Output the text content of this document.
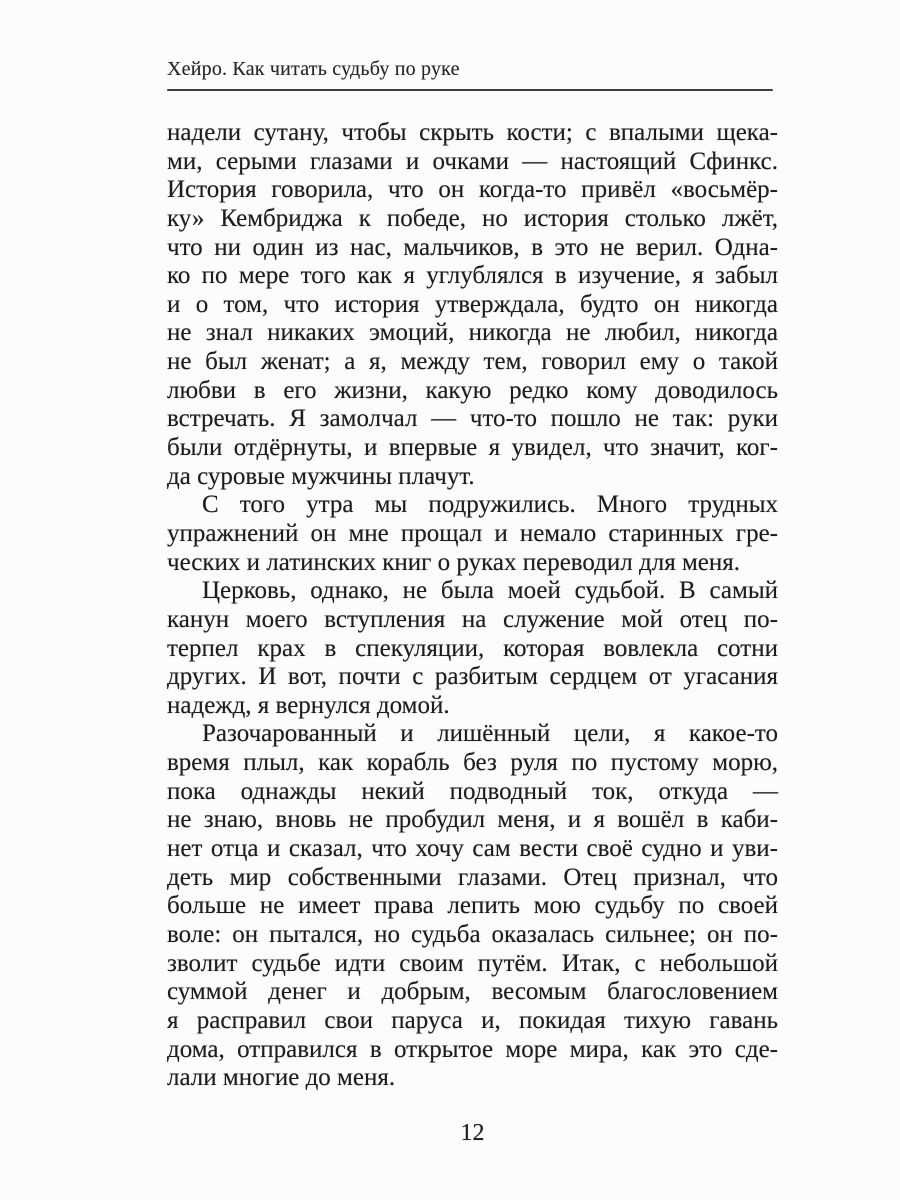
Хейро. Как читать судьбу по руке
надели сутану, чтобы скрыть кости; с впалыми щека-
ми, серыми глазами и очками — настоящий Сфинкс.
История говорила, что он когда-то привёл «восьмёр-
ку» Кембриджа к победе, но история столько лжёт,
что ни один из нас, мальчиков, в это не верил. Одна-
ко по мере того как я углублялся в изучение, я забыл
и о том, что история утверждала, будто он никогда
не знал никаких эмоций, никогда не любил, никогда
не был женат; а я, между тем, говорил ему о такой
любви в его жизни, какую редко кому доводилось
встречать. Я замолчал — что-то пошло не так: руки
были отдёрнуты, и впервые я увидел, что значит, ког-
да суровые мужчины плачут.
С того утра мы подружились. Много трудных
упражнений он мне прощал и немало старинных гре-
ческих и латинских книг о руках переводил для меня.
Церковь, однако, не была моей судьбой. В самый
канун моего вступления на служение мой отец по-
терпел крах в спекуляции, которая вовлекла сотни
других. И вот, почти с разбитым сердцем от угасания
надежд, я вернулся домой.
Разочарованный и лишённый цели, я какое-то
время плыл, как корабль без руля по пустому морю,
пока однажды некий подводный ток, откуда —
не знаю, вновь не пробудил меня, и я вошёл в каби-
нет отца и сказал, что хочу сам вести своё судно и уви-
деть мир собственными глазами. Отец признал, что
больше не имеет права лепить мою судьбу по своей
воле: он пытался, но судьба оказалась сильнее; он по-
зволит судьбе идти своим путём. Итак, с небольшой
суммой денег и добрым, весомым благословением
я расправил свои паруса и, покидая тихую гавань
дома, отправился в открытое море мира, как это сде-
лали многие до меня.
12
